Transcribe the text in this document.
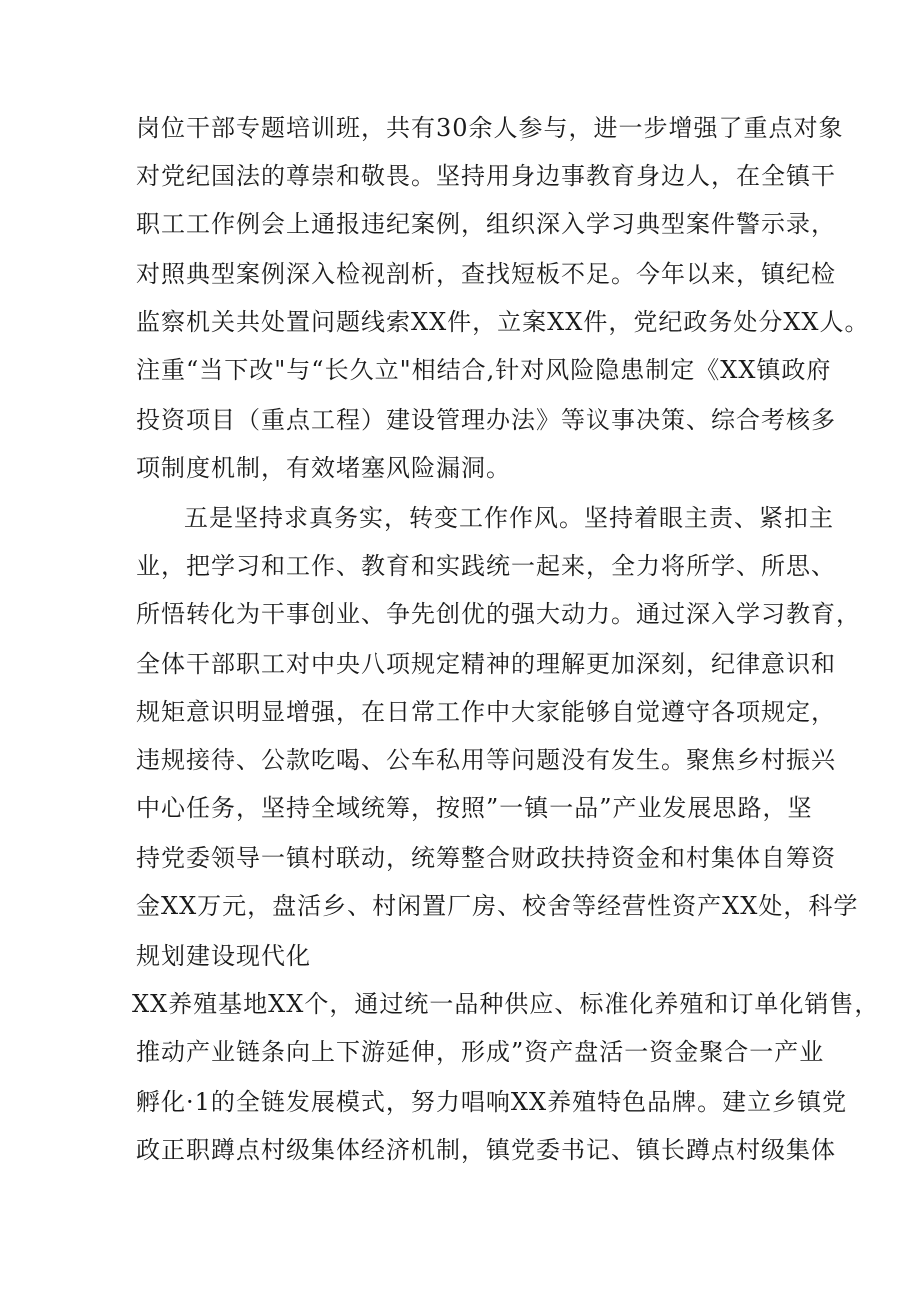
岗位干部专题培训班，共有30余人参与，进一步增强了重点对象
对党纪国法的尊崇和敬畏。坚持用身边事教育身边人，在全镇干
职工工作例会上通报违纪案例，组织深入学习典型案件警示录，
对照典型案例深入检视剖析，查找短板不足。今年以来，镇纪检
监察机关共处置问题线索XX件，立案XX件，党纪政务处分XX人。
注重“当下改"与“长久立"相结合,针对风险隐患制定《XX镇政府
投资项目（重点工程）建设管理办法》等议事决策、综合考核多
项制度机制，有效堵塞风险漏洞。
五是坚持求真务实，转变工作作风。坚持着眼主责、紧扣主
业，把学习和工作、教育和实践统一起来，全力将所学、所思、
所悟转化为干事创业、争先创优的强大动力。通过深入学习教育，
全体干部职工对中央八项规定精神的理解更加深刻，纪律意识和
规矩意识明显增强，在日常工作中大家能够自觉遵守各项规定，
违规接待、公款吃喝、公车私用等问题没有发生。聚焦乡村振兴
中心任务，坚持全域统筹，按照”一镇一品”产业发展思路，坚
持党委领导一镇村联动，统筹整合财政扶持资金和村集体自筹资
金XX万元，盘活乡、村闲置厂房、校舍等经营性资产XX处，科学
规划建设现代化
XX养殖基地XX个，通过统一品种供应、标准化养殖和订单化销售，
推动产业链条向上下游延伸，形成”资产盘活一资金聚合一产业
孵化·1的全链发展模式，努力唱响XX养殖特色品牌。建立乡镇党
政正职蹲点村级集体经济机制，镇党委书记、镇长蹲点村级集体
